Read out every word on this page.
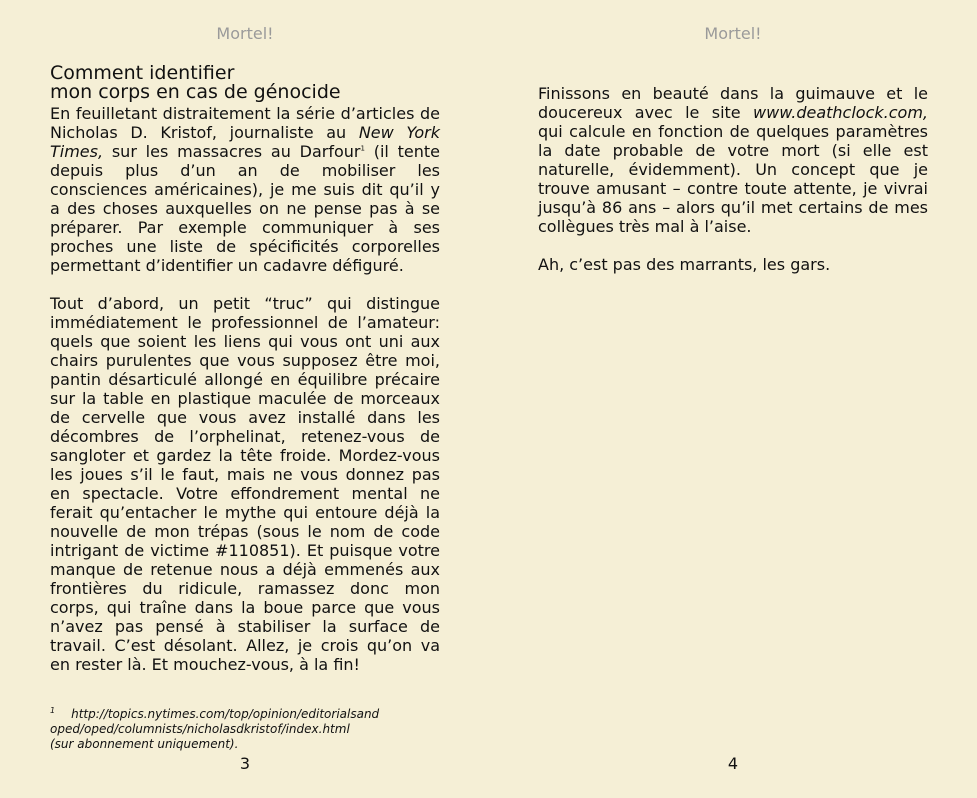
Mortel!
Comment identifier
mon corps en cas de génocide

En feuilletant distraitement la série d’articles de Nicholas D. Kristof, journaliste au New York Times, sur les massacres au Darfour$^1$ (il tente depuis plus d’un an de mobiliser les consciences américaines), je me suis dit qu’il y a des choses auxquelles on ne pense pas à se préparer. Par exemple communiquer à ses proches une liste de spécificités corporelles permettant d’identifier un cadavre défiguré.

Tout d’abord, un petit “truc” qui distingue immédiatement le professionnel de l’amateur: quels que soient les liens qui vous ont uni aux chairs purulentes que vous supposez être moi, pantin désarticulé allongé en équilibre précaire sur la table en plastique maculée de morceaux de cervelle que vous avez installé dans les décombres de l’orphelinat, retenez-vous de sangloter et gardez la tête froide. Mordez-vous les joues s’il le faut, mais ne vous donnez pas en spectacle. Votre effondrement mental ne ferait qu’entacher le mythe qui entoure déjà la nouvelle de mon trépas (sous le nom de code intrigant de victime #110851). Et puisque votre manque de retenue nous a déjà emmenés aux frontières du ridicule, ramassez donc mon corps, qui traîne dans la boue parce que vous n’avez pas pensé à stabiliser la surface de travail. C’est désolant. Allez, je crois qu’on va en rester là. Et mouchez-vous, à la fin!

$^1$ http://topics.nytimes.com/top/opinion/editorialsand
oped/oped/columnists/nicholasdkristof/index.html
(sur abonnement uniquement).
3
Mortel!

Finissons en beauté dans la guimauve et le doucereux avec le site www.deathclock.com, qui calcule en fonction de quelques paramètres la date probable de votre mort (si elle est naturelle, évidemment). Un concept que je trouve amusant – contre toute attente, je vivrai jusqu’à 86 ans – alors qu’il met certains de mes collègues très mal à l’aise.

Ah, c’est pas des marrants, les gars.

4
